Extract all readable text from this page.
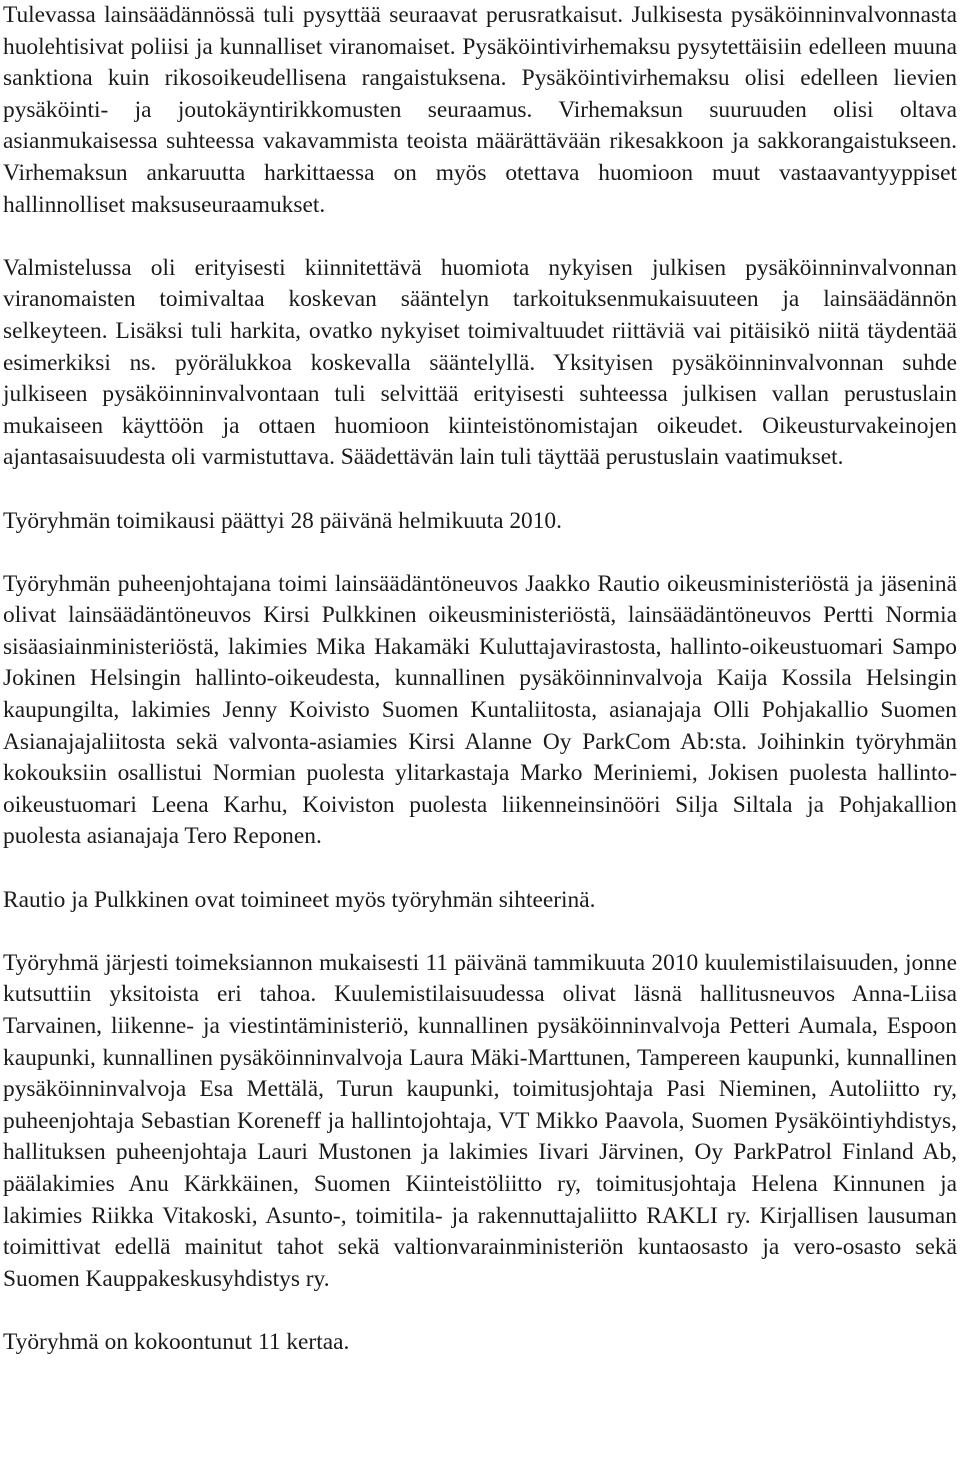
Tulevassa lainsäädännössä tuli pysyttää seuraavat perusratkaisut. Julkisesta pysäköinninvalvonnasta huolehtisivat poliisi ja kunnalliset viranomaiset. Pysäköintivirhemaksu pysytettäisiin edelleen muuna sanktiona kuin rikosoikeudellisena rangaistuksena. Pysäköintivirhemaksu olisi edelleen lievien pysäköinti- ja joutokäyntirikkomusten seuraamus. Virhemaksun suuruuden olisi oltava asianmukaisessa suhteessa vakavammista teoista määrättävään rikesakkoon ja sakkorangaistukseen. Virhemaksun ankaruutta harkittaessa on myös otettava huomioon muut vastaavantyyppiset hallinnolliset maksuseuraamukset.

Valmistelussa oli erityisesti kiinnitettävä huomiota nykyisen julkisen pysäköinninvalvonnan viranomaisten toimivaltaa koskevan sääntelyn tarkoituksenmukaisuuteen ja lainsäädännön selkeyteen. Lisäksi tuli harkita, ovatko nykyiset toimivaltuudet riittäviä vai pitäisikö niitä täydentää esimerkiksi ns. pyörälukkoa koskevalla sääntelyllä. Yksityisen pysäköinninvalvonnan suhde julkiseen pysäköinninvalvontaan tuli selvittää erityisesti suhteessa julkisen vallan perustuslain mukaiseen käyttöön ja ottaen huomioon kiinteistönomistajan oikeudet. Oikeusturvakeinojen ajantasaisuudesta oli varmistuttava. Säädettävän lain tuli täyttää perustuslain vaatimukset.

Työryhmän toimikausi päättyi 28 päivänä helmikuuta 2010.

Työryhmän puheenjohtajana toimi lainsäädäntöneuvos Jaakko Rautio oikeusministeriöstä ja jäseninä olivat lainsäädäntöneuvos Kirsi Pulkkinen oikeusministeriöstä, lainsäädäntöneuvos Pertti Normia sisäasiainministeriöstä, lakimies Mika Hakamäki Kuluttajavirastosta, hallinto-oikeustuomari Sampo Jokinen Helsingin hallinto-oikeudesta, kunnallinen pysäköinninvalvoja Kaija Kossila Helsingin kaupungilta, lakimies Jenny Koivisto Suomen Kuntaliitosta, asianajaja Olli Pohjakallio Suomen Asianajajaliitosta sekä valvonta-asiamies Kirsi Alanne Oy ParkCom Ab:sta. Joihinkin työryhmän kokouksiin osallistui Normian puolesta ylitarkastaja Marko Meriniemi, Jokisen puolesta hallinto-oikeustuomari Leena Karhu, Koiviston puolesta liikenneinsinööri Silja Siltala ja Pohjakallion puolesta asianajaja Tero Reponen.

Rautio ja Pulkkinen ovat toimineet myös työryhmän sihteerinä.

Työryhmä järjesti toimeksiannon mukaisesti 11 päivänä tammikuuta 2010 kuulemistilaisuuden, jonne kutsuttiin yksitoista eri tahoa. Kuulemistilaisuudessa olivat läsnä hallitusneuvos Anna-Liisa Tarvainen, liikenne- ja viestintäministeriö, kunnallinen pysäköinninvalvoja Petteri Aumala, Espoon kaupunki, kunnallinen pysäköinninvalvoja Laura Mäki-Marttunen, Tampereen kaupunki, kunnallinen pysäköinninvalvoja Esa Mettälä, Turun kaupunki, toimitusjohtaja Pasi Nieminen, Autoliitto ry, puheenjohtaja Sebastian Koreneff ja hallintojohtaja, VT Mikko Paavola, Suomen Pysäköintiyhdistys, hallituksen puheenjohtaja Lauri Mustonen ja lakimies Iivari Järvinen, Oy ParkPatrol Finland Ab, päälakimies Anu Kärkkäinen, Suomen Kiinteistöliitto ry, toimitusjohtaja Helena Kinnunen ja lakimies Riikka Vitakoski, Asunto-, toimitila- ja rakennuttajaliitto RAKLI ry. Kirjallisen lausuman toimittivat edellä mainitut tahot sekä valtionvarainministeriön kuntaosasto ja vero-osasto sekä Suomen Kauppakeskusyhdistys ry.

Työryhmä on kokoontunut 11 kertaa.
